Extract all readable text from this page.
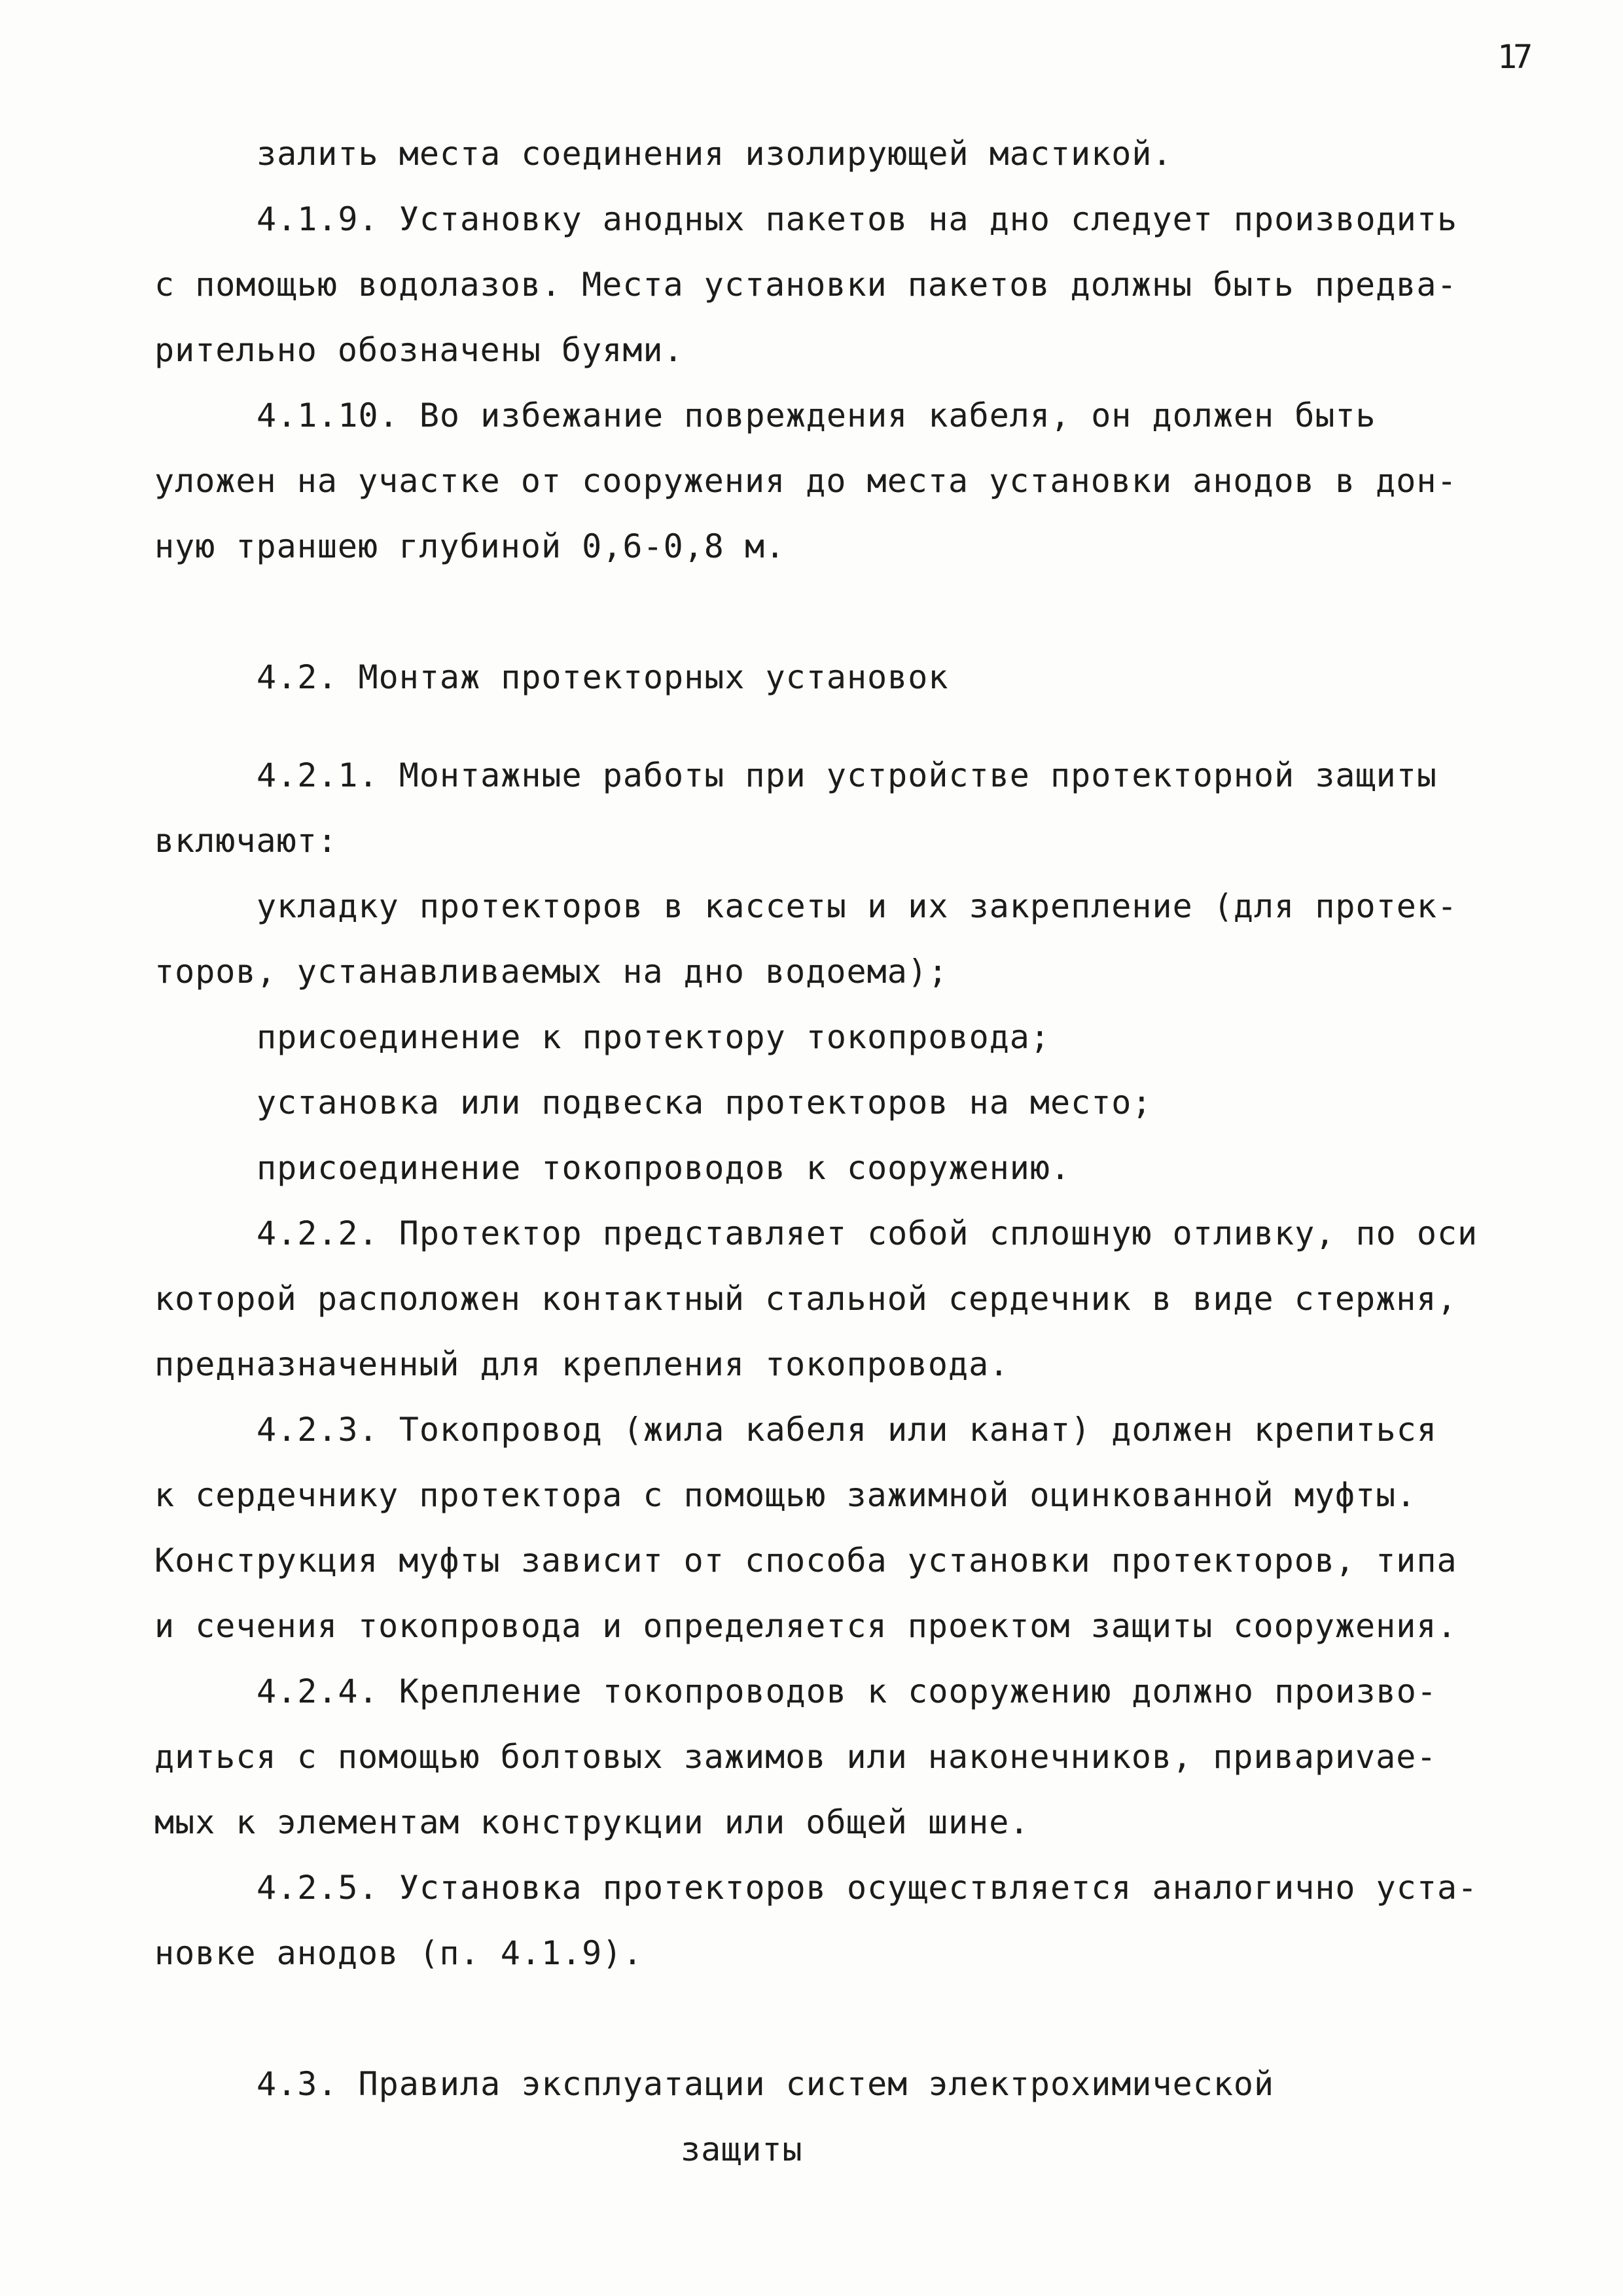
17
залить места соединения изолирующей мастикой.
4.1.9. Установку анодных пакетов на дно следует производить
с помощью водолазов. Места установки пакетов должны быть предва-
рительно обозначены буями.
4.1.10. Во избежание повреждения кабеля, он должен быть
уложен на участке от сооружения до места установки анодов в дон-
ную траншею глубиной 0,6-0,8 м.
4.2. Монтаж протекторных установок
4.2.1. Монтажные работы при устройстве протекторной защиты
включают:
укладку протекторов в кассеты и их закрепление (для протек-
торов, устанавливаемых на дно водоема);
присоединение к протектору токопровода;
установка или подвеска протекторов на место;
присоединение токопроводов к сооружению.
4.2.2. Протектор представляет собой сплошную отливку, по оси
которой расположен контактный стальной сердечник в виде стержня,
предназначенный для крепления токопровода.
4.2.3. Токопровод (жила кабеля или канат) должен крепиться
к сердечнику протектора с помощью зажимной оцинкованной муфты.
Конструкция муфты зависит от способа установки протекторов, типа
и сечения токопровода и определяется проектом защиты сооружения.
4.2.4. Крепление токопроводов к сооружению должно произво-
диться с помощью болтовых зажимов или наконечников, привариvae-
мых к элементам конструкции или общей шине.
4.2.5. Установка протекторов осуществляется аналогично уста-
новке анодов (п. 4.1.9).
4.3. Правила эксплуатации систем электрохимической
защиты
